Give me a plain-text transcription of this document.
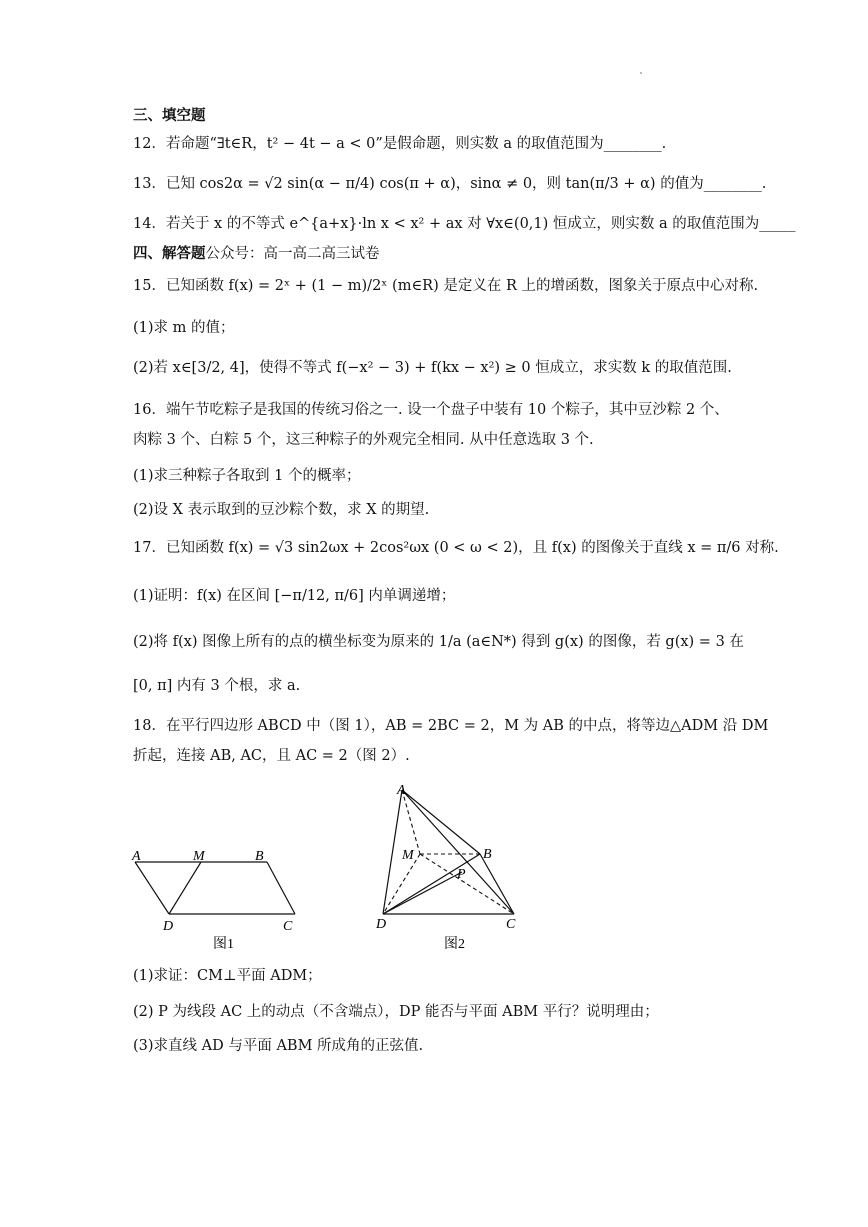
三、填空题
12．若命题“∃t∈R，t² − 4t − a < 0”是假命题，则实数 a 的取值范围为________.
13．已知 cos2α = √2 sin(α − π/4) cos(π + α)，sinα ≠ 0，则 tan(π/3 + α) 的值为________.
14．若关于 x 的不等式 e^{a+x}·ln x < x² + ax 对 ∀x∈(0,1) 恒成立，则实数 a 的取值范围为_____
四、解答题公众号：高一高二高三试卷
15．已知函数 f(x) = 2ˣ + (1 − m)/2ˣ (m∈R) 是定义在 R 上的增函数，图象关于原点中心对称.
(1)求 m 的值；
(2)若 x∈[3/2, 4]，使得不等式 f(−x² − 3) + f(kx − x²) ≥ 0 恒成立，求实数 k 的取值范围.
16．端午节吃粽子是我国的传统习俗之一. 设一个盘子中装有 10 个粽子，其中豆沙粽 2 个、
肉粽 3 个、白粽 5 个，这三种粽子的外观完全相同. 从中任意选取 3 个.
(1)求三种粽子各取到 1 个的概率；
(2)设 X 表示取到的豆沙粽个数，求 X 的期望.
17．已知函数 f(x) = √3 sin2ωx + 2cos²ωx (0 < ω < 2)，且 f(x) 的图像关于直线 x = π/6 对称.
(1)证明：f(x) 在区间 [−π/12, π/6] 内单调递增；
(2)将 f(x) 图像上所有的点的横坐标变为原来的 1/a (a∈N*) 得到 g(x) 的图像，若 g(x) = 3 在
[0, π] 内有 3 个根，求 a.
18．在平行四边形 ABCD 中（图 1），AB = 2BC = 2，M 为 AB 的中点，将等边△ADM 沿 DM
折起，连接 AB, AC，且 AC = 2（图 2）.
A	M	B
D	C
图1
A
M	B
P
D	C
图2
(1)求证：CM⊥平面 ADM；
(2) P 为线段 AC 上的动点（不含端点），DP 能否与平面 ABM 平行？说明理由；
(3)求直线 AD 与平面 ABM 所成角的正弦值.
